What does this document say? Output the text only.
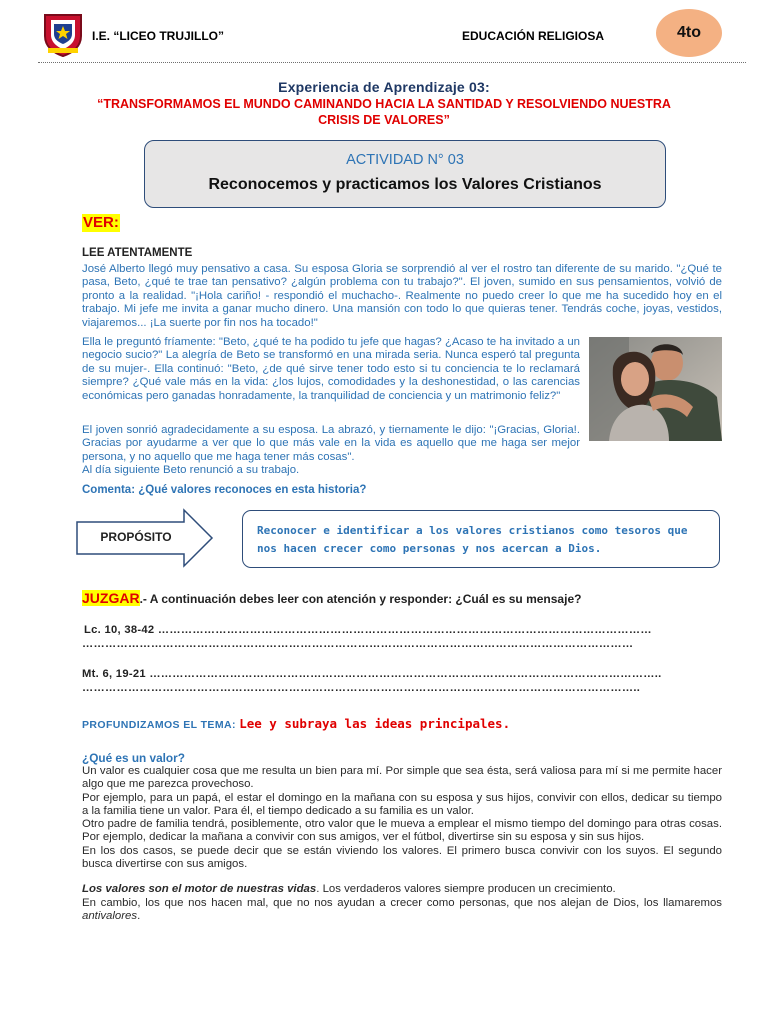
I.E. “LICEO TRUJILLO”	EDUCACIÓN RELIGIOSA	4to
Experiencia de Aprendizaje 03:
“TRANSFORMAMOS EL MUNDO CAMINANDO HACIA LA SANTIDAD Y RESOLVIENDO NUESTRA CRISIS DE VALORES”
ACTIVIDAD N° 03
Reconocemos y practicamos los Valores Cristianos
VER:
LEE ATENTAMENTE

José Alberto llegó muy pensativo a casa. Su esposa Gloria se sorprendió al ver el rostro tan diferente de su marido. "¿Qué te pasa, Beto, ¿qué te trae tan pensativo? ¿algún problema con tu trabajo?". El joven, sumido en sus pensamientos, volvió de pronto a la realidad. "¡Hola cariño! - respondió el muchacho-. Realmente no puedo creer lo que me ha sucedido hoy en el trabajo. Mi jefe me invita a ganar mucho dinero. Una mansión con todo lo que quieras tener. Tendrás coche, joyas, vestidos, viajaremos... ¡La suerte por fin nos ha tocado!"

Ella le preguntó fríamente: "Beto, ¿qué te ha podido tu jefe que hagas? ¿Acaso te ha invitado a un negocio sucio?" La alegría de Beto se transformó en una mirada seria. Nunca esperó tal pregunta de su mujer-. Ella continuó: "Beto, ¿de qué sirve tener todo esto si tu conciencia te lo reclamará siempre? ¿Qué vale más en la vida: ¿los lujos, comodidades y la deshonestidad, o las carencias económicas pero ganadas honradamente, la tranquilidad de conciencia y un matrimonio feliz?"

El joven sonrió agradecidamente a su esposa. La abrazó, y tiernamente le dijo: "¡Gracias, Gloria!. Gracias por ayudarme a ver que lo que más vale en la vida es aquello que me haga ser mejor persona, y no aquello que me haga tener más cosas".

Al día siguiente Beto renunció a su trabajo.

Comenta: ¿Qué valores reconoces en esta historia?
PROPÓSITO	Reconocer e identificar a los valores cristianos como tesoros que nos hacen crecer como personas y nos acercan a Dios.
JUZGAR.- A continuación debes leer con atención y responder: ¿Cuál es su mensaje?
Lc. 10, 38-42 …………………………………………………………………………………………………………………
………………………………………………………………………………………………………………………………
Mt. 6, 19-21 ……………………………………………………………………………………………………………………..
………………………………………………………………………………………………………………………………..
PROFUNDIZAMOS EL TEMA: Lee y subraya las ideas principales.
¿Qué es un valor?

Un valor es cualquier cosa que me resulta un bien para mí. Por simple que sea ésta, será valiosa para mí si me permite hacer algo que me parezca provechoso.

Por ejemplo, para un papá, el estar el domingo en la mañana con su esposa y sus hijos, convivir con ellos, dedicar su tiempo a la familia tiene un valor. Para él, el tiempo dedicado a su familia es un valor.

Otro padre de familia tendrá, posiblemente, otro valor que le mueva a emplear el mismo tiempo del domingo para otras cosas. Por ejemplo, dedicar la mañana a convivir con sus amigos, ver el fútbol, divertirse sin su esposa y sin sus hijos.

En los dos casos, se puede decir que se están viviendo los valores. El primero busca convivir con los suyos. El segundo busca divertirse con sus amigos.

Los valores son el motor de nuestras vidas. Los verdaderos valores siempre producen un crecimiento.

En cambio, los que nos hacen mal, que no nos ayudan a crecer como personas, que nos alejan de Dios, los llamaremos antivalores.
